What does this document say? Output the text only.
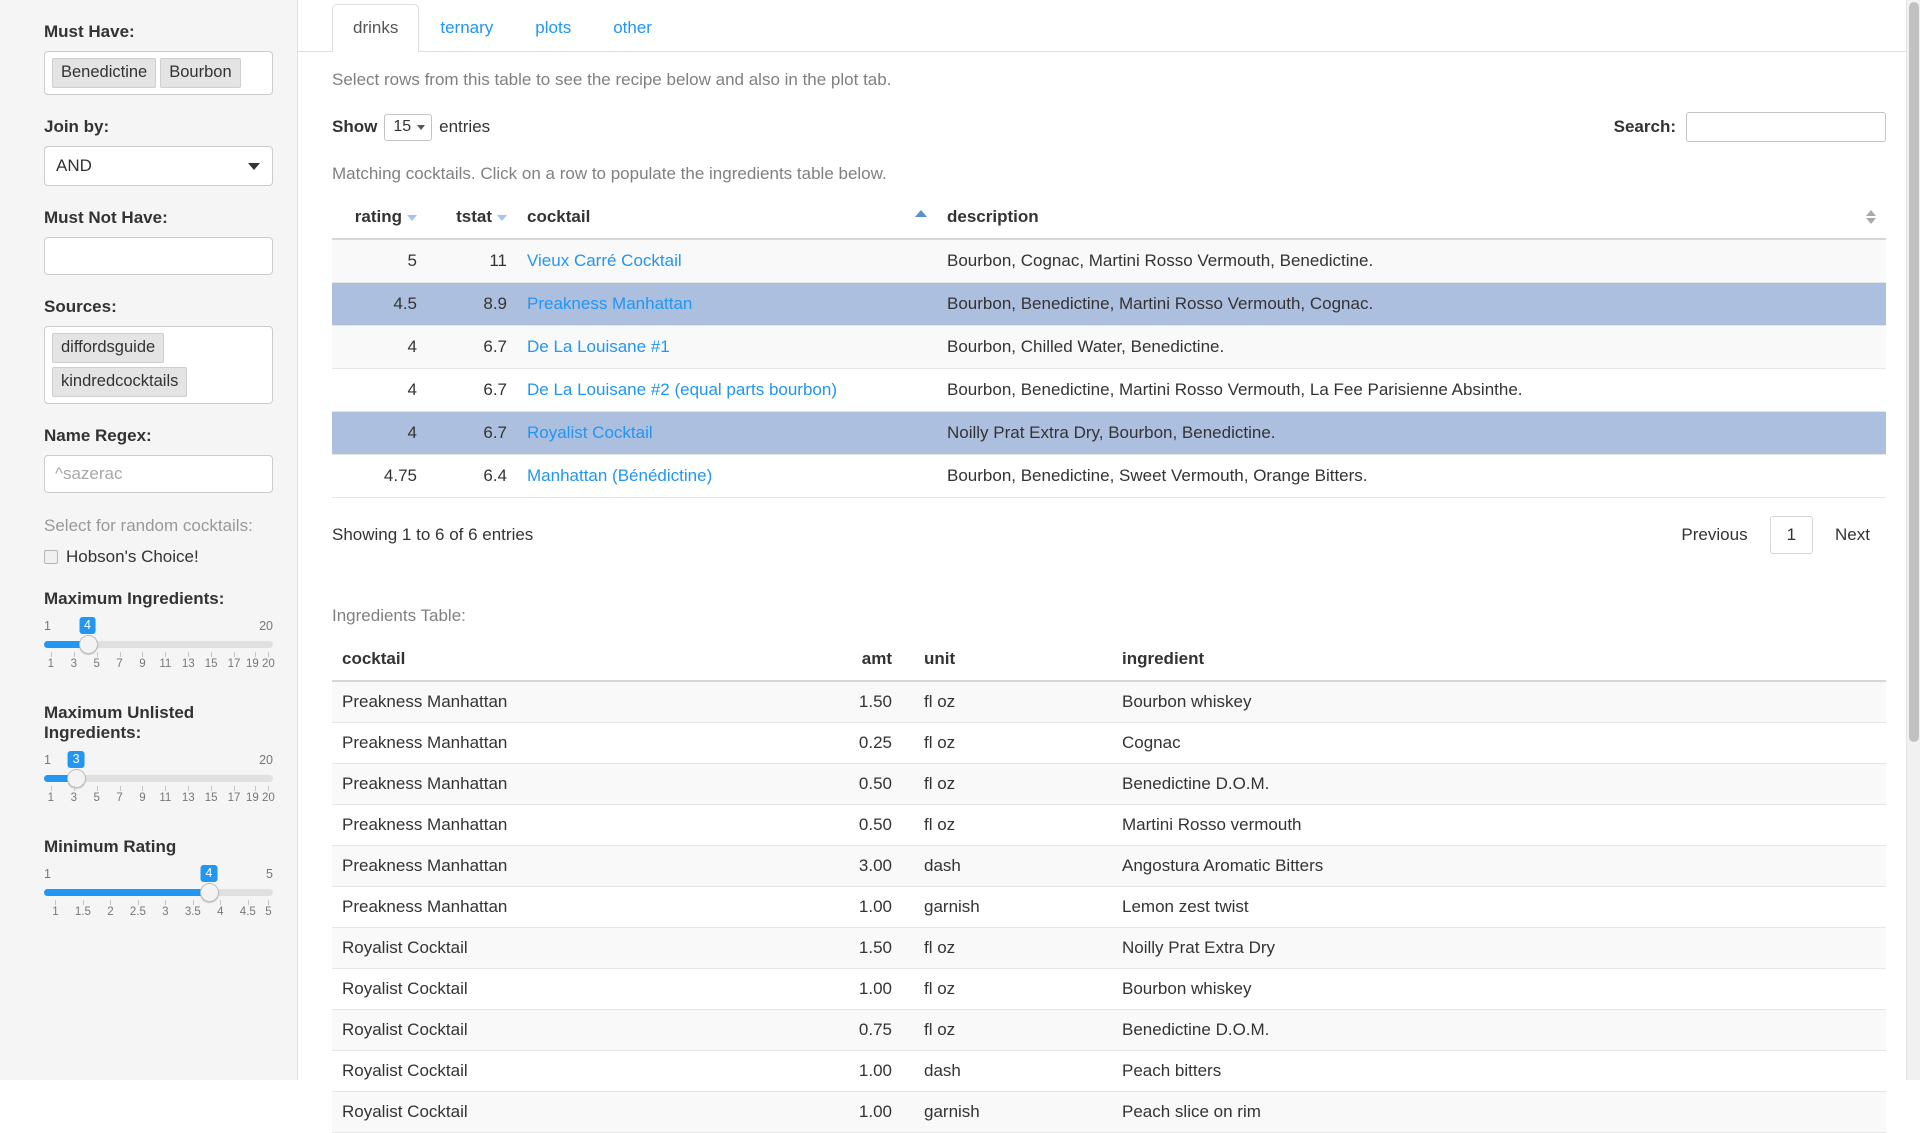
Must Have:
Benedictine	Bourbon
Join by:
AND
Must Not Have:
Sources:
diffordsguide
kindredcocktails
Name Regex:
^sazerac
Select for random cocktails:
Hobson's Choice!
Maximum Ingredients:
1	20
4
1 3 5 7 9 11 13 15 17 19 20
Maximum Unlisted Ingredients:
1	20
3
1 3 5 7 9 11 13 15 17 19 20
Minimum Rating
1	5
4
1 1.5 2 2.5 3 3.5 4 4.5 5
drinks	ternary	plots	other

Select rows from this table to see the recipe below and also in the plot tab.

Show 15 entries	Search:

Matching cocktails. Click on a row to populate the ingredients table below.

rating	tstat	cocktail	description

5	11	Vieux Carré Cocktail	Bourbon, Cognac, Martini Rosso Vermouth, Benedictine.
4.5	8.9	Preakness Manhattan	Bourbon, Benedictine, Martini Rosso Vermouth, Cognac.
4	6.7	De La Louisane #1	Bourbon, Chilled Water, Benedictine.
4	6.7	De La Louisane #2 (equal parts bourbon)	Bourbon, Benedictine, Martini Rosso Vermouth, La Fee Parisienne Absinthe.
4	6.7	Royalist Cocktail	Noilly Prat Extra Dry, Bourbon, Benedictine.
4.75	6.4	Manhattan (Bénédictine)	Bourbon, Benedictine, Sweet Vermouth, Orange Bitters.
Showing 1 to 6 of 6 entries	Previous	1	Next

Ingredients Table:

cocktail	amt	unit	ingredient
Preakness Manhattan	1.50	fl oz	Bourbon whiskey
Preakness Manhattan	0.25	fl oz	Cognac
Preakness Manhattan	0.50	fl oz	Benedictine D.O.M.
Preakness Manhattan	0.50	fl oz	Martini Rosso vermouth
Preakness Manhattan	3.00	dash	Angostura Aromatic Bitters
Preakness Manhattan	1.00	garnish	Lemon zest twist
Royalist Cocktail	1.50	fl oz	Noilly Prat Extra Dry
Royalist Cocktail	1.00	fl oz	Bourbon whiskey
Royalist Cocktail	0.75	fl oz	Benedictine D.O.M.
Royalist Cocktail	1.00	dash	Peach bitters
Royalist Cocktail	1.00	garnish	Peach slice on rim
